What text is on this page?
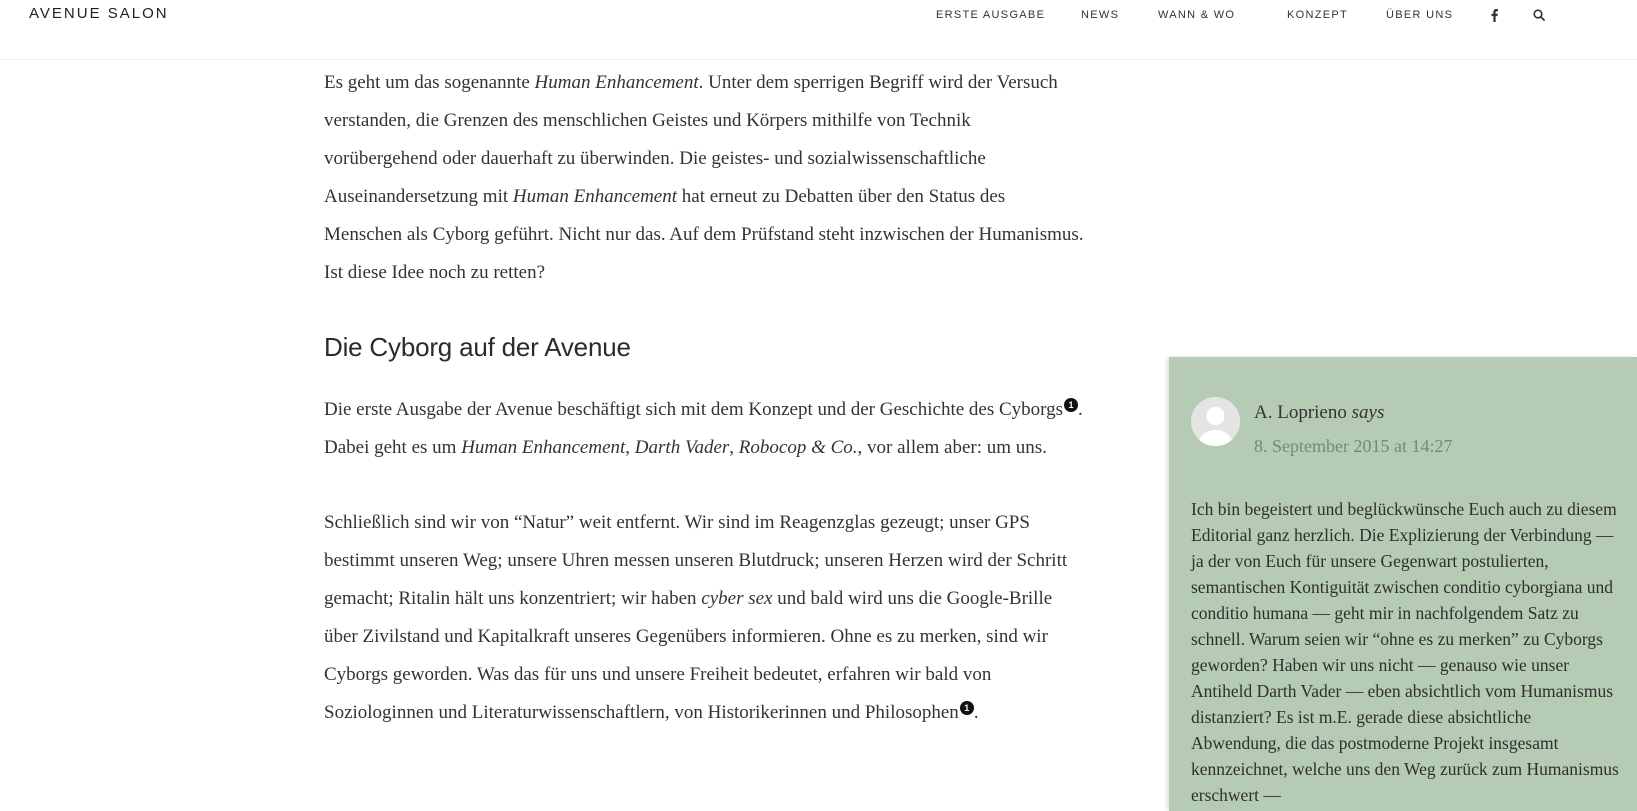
AVENUE SALON	ERSTE AUSGABE	NEWS	WANN & WO	KONZEPT	ÜBER UNS

Es geht um das sogenannte Human Enhancement. Unter dem sperrigen Begriff wird der Versuch verstanden, die Grenzen des menschlichen Geistes und Körpers mithilfe von Technik vorübergehend oder dauerhaft zu überwinden. Die geistes- und sozialwissenschaftliche Auseinandersetzung mit Human Enhancement hat erneut zu Debatten über den Status des Menschen als Cyborg geführt. Nicht nur das. Auf dem Prüfstand steht inzwischen der Humanismus. Ist diese Idee noch zu retten?

Die Cyborg auf der Avenue

Die erste Ausgabe der Avenue beschäftigt sich mit dem Konzept und der Geschichte des Cyborgs 1 . Dabei geht es um Human Enhancement, Darth Vader, Robocop & Co., vor allem aber: um uns.

Schließlich sind wir von “Natur” weit entfernt. Wir sind im Reagenzglas gezeugt; unser GPS bestimmt unseren Weg; unsere Uhren messen unseren Blutdruck; unseren Herzen wird der Schritt gemacht; Ritalin hält uns konzentriert; wir haben cyber sex und bald wird uns die Google-Brille über Zivilstand und Kapitalkraft unseres Gegenübers informieren. Ohne es zu merken, sind wir Cyborgs geworden. Was das für uns und unsere Freiheit bedeutet, erfahren wir bald von Soziologinnen und Literaturwissenschaftlern, von Historikerinnen und Philosophen 1 .

A. Loprieno says
8. September 2015 at 14:27
Ich bin begeistert und beglückwünsche Euch auch zu diesem Editorial ganz herzlich. Die Explizierung der Verbindung — ja der von Euch für unsere Gegenwart postulierten, semantischen Kontiguität zwischen conditio cyborgiana und conditio humana — geht mir in nachfolgendem Satz zu schnell. Warum seien wir “ohne es zu merken” zu Cyborgs geworden? Haben wir uns nicht — genauso wie unser Antiheld Darth Vader — eben absichtlich vom Humanismus distanziert? Es ist m.E. gerade diese absichtliche Abwendung, die das postmoderne Projekt insgesamt kennzeichnet, welche uns den Weg zurück zum Humanismus erschwert —
